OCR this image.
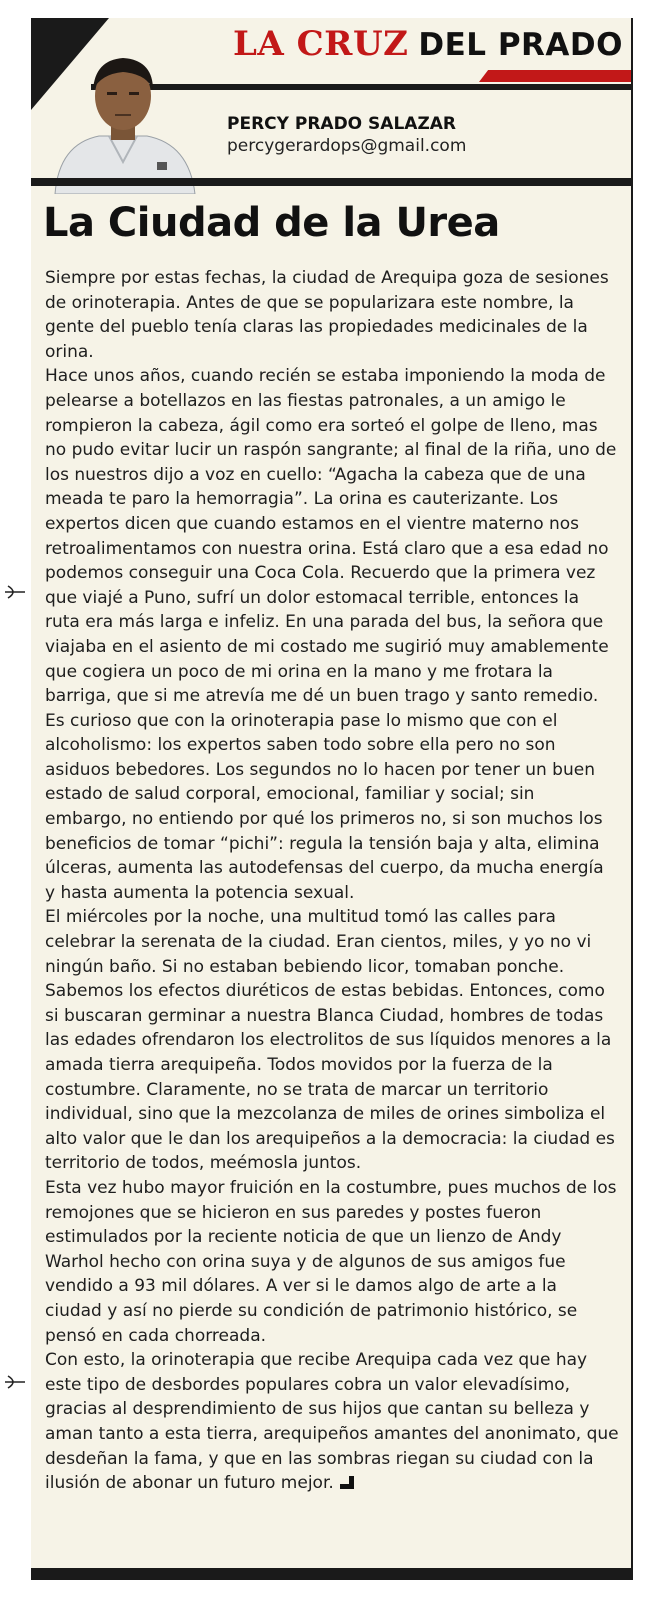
LA CRUZ DEL PRADO
PERCY PRADO SALAZAR
percygerardops@gmail.com
La Ciudad de la Urea

Siempre por estas fechas, la ciudad de Arequipa goza de sesiones de orinoterapia. Antes de que se popularizara este nombre, la gente del pueblo tenía claras las propiedades medicinales de la orina.

Hace unos años, cuando recién se estaba imponiendo la moda de pelearse a botellazos en las fiestas patronales, a un amigo le rompieron la cabeza, ágil como era sorteó el golpe de lleno, mas no pudo evitar lucir un raspón sangrante; al final de la riña, uno de los nuestros dijo a voz en cuello: “Agacha la cabeza que de una meada te paro la hemorragia”. La orina es cauterizante. Los expertos dicen que cuando estamos en el vientre materno nos retroalimentamos con nuestra orina. Está claro que a esa edad no podemos conseguir una Coca Cola. Recuerdo que la primera vez que viajé a Puno, sufrí un dolor estomacal terrible, entonces la ruta era más larga e infeliz. En una parada del bus, la señora que viajaba en el asiento de mi costado me sugirió muy amablemente que cogiera un poco de mi orina en la mano y me frotara la barriga, que si me atrevía me dé un buen trago y santo remedio.

Es curioso que con la orinoterapia pase lo mismo que con el alcoholismo: los expertos saben todo sobre ella pero no son asiduos bebedores. Los segundos no lo hacen por tener un buen estado de salud corporal, emocional, familiar y social; sin embargo, no entiendo por qué los primeros no, si son muchos los beneficios de tomar “pichi”: regula la tensión baja y alta, elimina úlceras, aumenta las autodefensas del cuerpo, da mucha energía y hasta aumenta la potencia sexual.

El miércoles por la noche, una multitud tomó las calles para celebrar la serenata de la ciudad. Eran cientos, miles, y yo no vi ningún baño. Si no estaban bebiendo licor, tomaban ponche. Sabemos los efectos diuréticos de estas bebidas. Entonces, como si buscaran germinar a nuestra Blanca Ciudad, hombres de todas las edades ofrendaron los electrolitos de sus líquidos menores a la amada tierra arequipeña. Todos movidos por la fuerza de la costumbre. Claramente, no se trata de marcar un territorio individual, sino que la mezcolanza de miles de orines simboliza el alto valor que le dan los arequipeños a la democracia: la ciudad es territorio de todos, meémosla juntos.

Esta vez hubo mayor fruición en la costumbre, pues muchos de los remojones que se hicieron en sus paredes y postes fueron estimulados por la reciente noticia de que un lienzo de Andy Warhol hecho con orina suya y de algunos de sus amigos fue vendido a 93 mil dólares. A ver si le damos algo de arte a la ciudad y así no pierde su condición de patrimonio histórico, se pensó en cada chorreada.

Con esto, la orinoterapia que recibe Arequipa cada vez que hay este tipo de desbordes populares cobra un valor elevadísimo, gracias al desprendimiento de sus hijos que cantan su belleza y aman tanto a esta tierra, arequipeños amantes del anonimato, que desdeñan la fama, y que en las sombras riegan su ciudad con la ilusión de abonar un futuro mejor.
